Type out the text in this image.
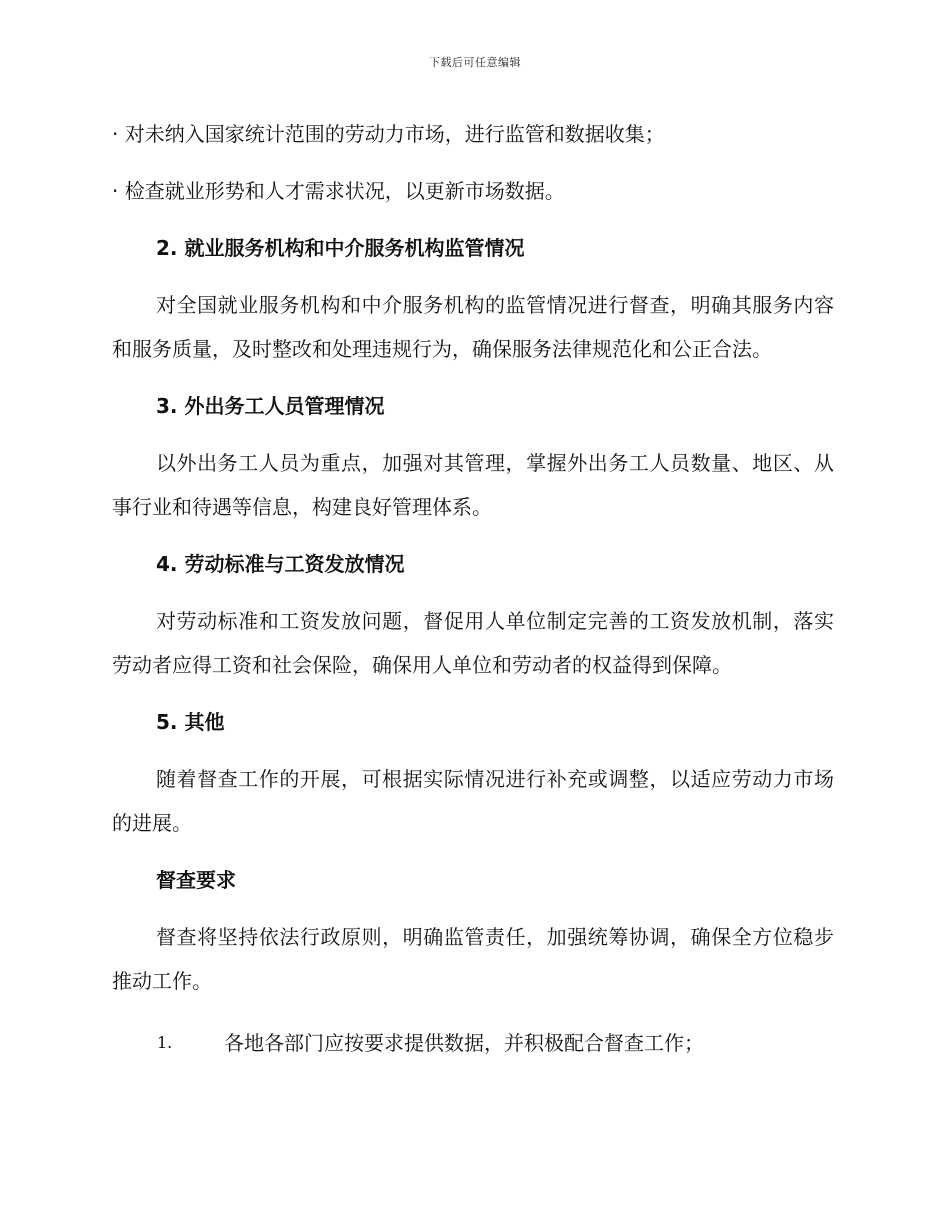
下载后可任意编辑

· 对未纳入国家统计范围的劳动力市场，进行监管和数据收集；

· 检查就业形势和人才需求状况，以更新市场数据。

2. 就业服务机构和中介服务机构监管情况

对全国就业服务机构和中介服务机构的监管情况进行督查，明确其服务内容和服务质量，及时整改和处理违规行为，确保服务法律规范化和公正合法。

3. 外出务工人员管理情况

以外出务工人员为重点，加强对其管理，掌握外出务工人员数量、地区、从事行业和待遇等信息，构建良好管理体系。

4. 劳动标准与工资发放情况

对劳动标准和工资发放问题，督促用人单位制定完善的工资发放机制，落实劳动者应得工资和社会保险，确保用人单位和劳动者的权益得到保障。

5. 其他

随着督查工作的开展，可根据实际情况进行补充或调整，以适应劳动力市场的进展。

督查要求

督查将坚持依法行政原则，明确监管责任，加强统筹协调，确保全方位稳步推动工作。

1.	各地各部门应按要求提供数据，并积极配合督查工作；
